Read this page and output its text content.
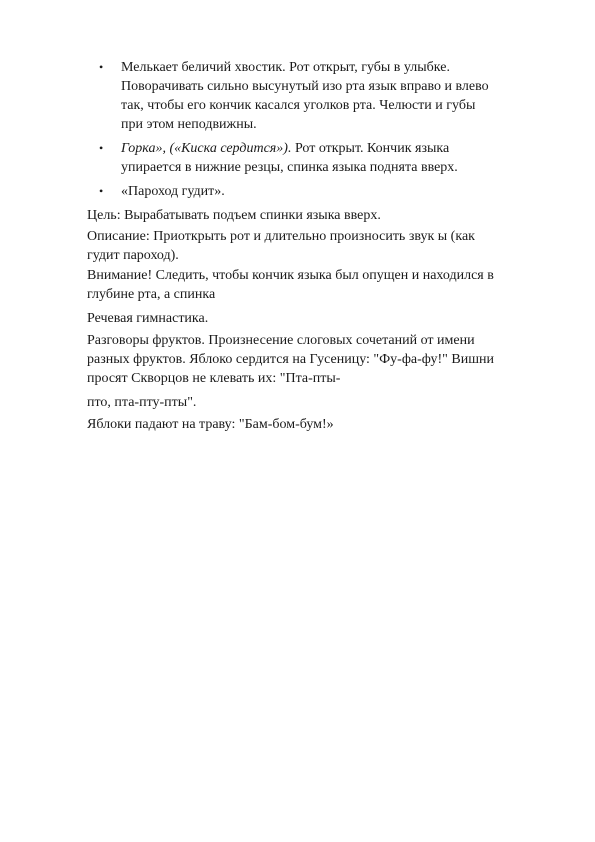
• Мелькает беличий хвостик. Рот открыт, губы в улыбке.
Поворачивать сильно высунутый изо рта язык вправо и влево
так, чтобы его кончик касался уголков рта. Челюсти и губы
при этом неподвижны.
• Горка», («Киска сердится»). Рот открыт. Кончик языка
упирается в нижние резцы, спинка языка поднята вверх.
• «Пароход гудит».
Цель: Вырабатывать подъем спинки языка вверх.
Описание: Приоткрыть рот и длительно произносить звук ы (как
гудит пароход).
Внимание! Следить, чтобы кончик языка был опущен и находился в
глубине рта, а спинка
Речевая гимнастика.
Разговоры фруктов. Произнесение слоговых сочетаний от имени
разных фруктов. Яблоко сердится на Гусеницу: "Фу-фа-фу!" Вишни
просят Скворцов не клевать их: "Пта-пты-
пто, пта-пту-пты".
Яблоки падают на траву: "Бам-бом-бум!»
